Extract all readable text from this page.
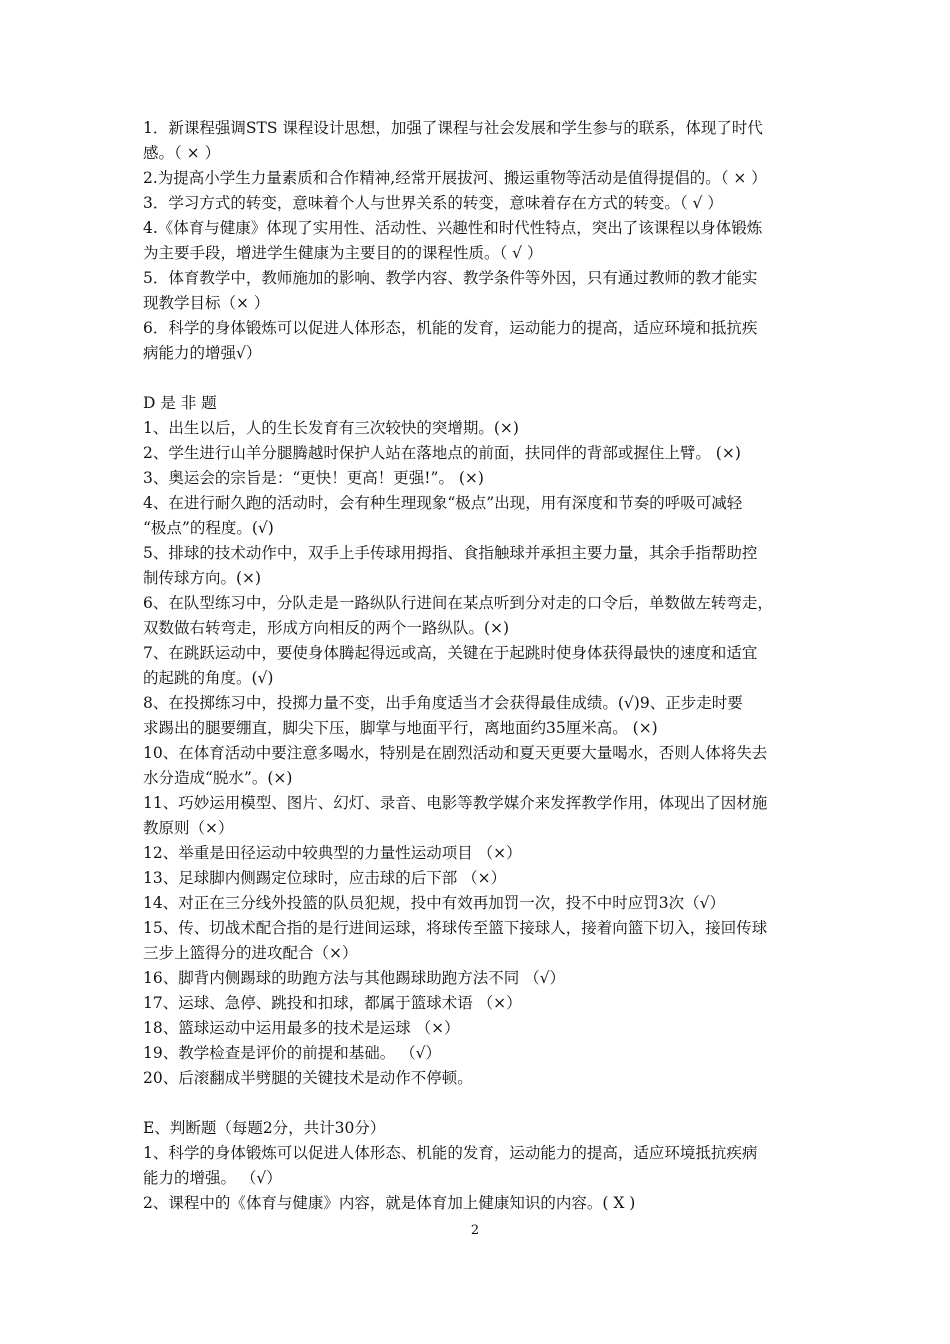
1．新课程强调STS 课程设计思想，加强了课程与社会发展和学生参与的联系，体现了时代
感。（ × ）
2.为提高小学生力量素质和合作精神,经常开展拔河、搬运重物等活动是值得提倡的。（ × ）
3．学习方式的转变，意味着个人与世界关系的转变，意味着存在方式的转变。（ √ ）
4.《体育与健康》体现了实用性、活动性、兴趣性和时代性特点，突出了该课程以身体锻炼
为主要手段，增进学生健康为主要目的的课程性质。（ √ ）
5．体育教学中，教师施加的影响、教学内容、教学条件等外因，只有通过教师的教才能实
现教学目标（× ）
6．科学的身体锻炼可以促进人体形态，机能的发育，运动能力的提高，适应环境和抵抗疾
病能力的增强√）
D 是 非 题
1、出生以后，人的生长发育有三次较快的突增期。(×)
2、学生进行山羊分腿腾越时保护人站在落地点的前面，扶同伴的背部或握住上臂。 (×)
3、奥运会的宗旨是：“更快！更高！更强!”。 (×)
4、在进行耐久跑的活动时，会有种生理现象“极点”出现，用有深度和节奏的呼吸可减轻
“极点”的程度。(√)
5、排球的技术动作中，双手上手传球用拇指、食指触球并承担主要力量，其余手指帮助控
制传球方向。(×)
6、在队型练习中，分队走是一路纵队行进间在某点听到分对走的口令后，单数做左转弯走，
双数做右转弯走，形成方向相反的两个一路纵队。(×)
7、在跳跃运动中，要使身体腾起得远或高，关键在于起跳时使身体获得最快的速度和适宜
的起跳的角度。(√)
8、在投掷练习中，投掷力量不变，出手角度适当才会获得最佳成绩。(√)9、正步走时要
求踢出的腿要绷直，脚尖下压，脚掌与地面平行，离地面约35厘米高。 (×)
10、在体育活动中要注意多喝水，特别是在剧烈活动和夏天更要大量喝水，否则人体将失去
水分造成“脱水”。(×)
11、巧妙运用模型、图片、幻灯、录音、电影等教学媒介来发挥教学作用，体现出了因材施
教原则（×）
12、举重是田径运动中较典型的力量性运动项目 （×）
13、足球脚内侧踢定位球时，应击球的后下部 （×）
14、对正在三分线外投篮的队员犯规，投中有效再加罚一次，投不中时应罚3次（√）
15、传、切战术配合指的是行进间运球，将球传至篮下接球人，接着向篮下切入，接回传球
三步上篮得分的进攻配合（×）
16、脚背内侧踢球的助跑方法与其他踢球助跑方法不同 （√）
17、运球、急停、跳投和扣球，都属于篮球术语 （×）
18、篮球运动中运用最多的技术是运球 （×）
19、教学检查是评价的前提和基础。 （√）
20、后滚翻成半劈腿的关键技术是动作不停顿。
E、判断题（每题2分，共计30分）
1、科学的身体锻炼可以促进人体形态、机能的发育，运动能力的提高，适应环境抵抗疾病
能力的增强。 （√）
2、课程中的《体育与健康》内容，就是体育加上健康知识的内容。( X )
2
